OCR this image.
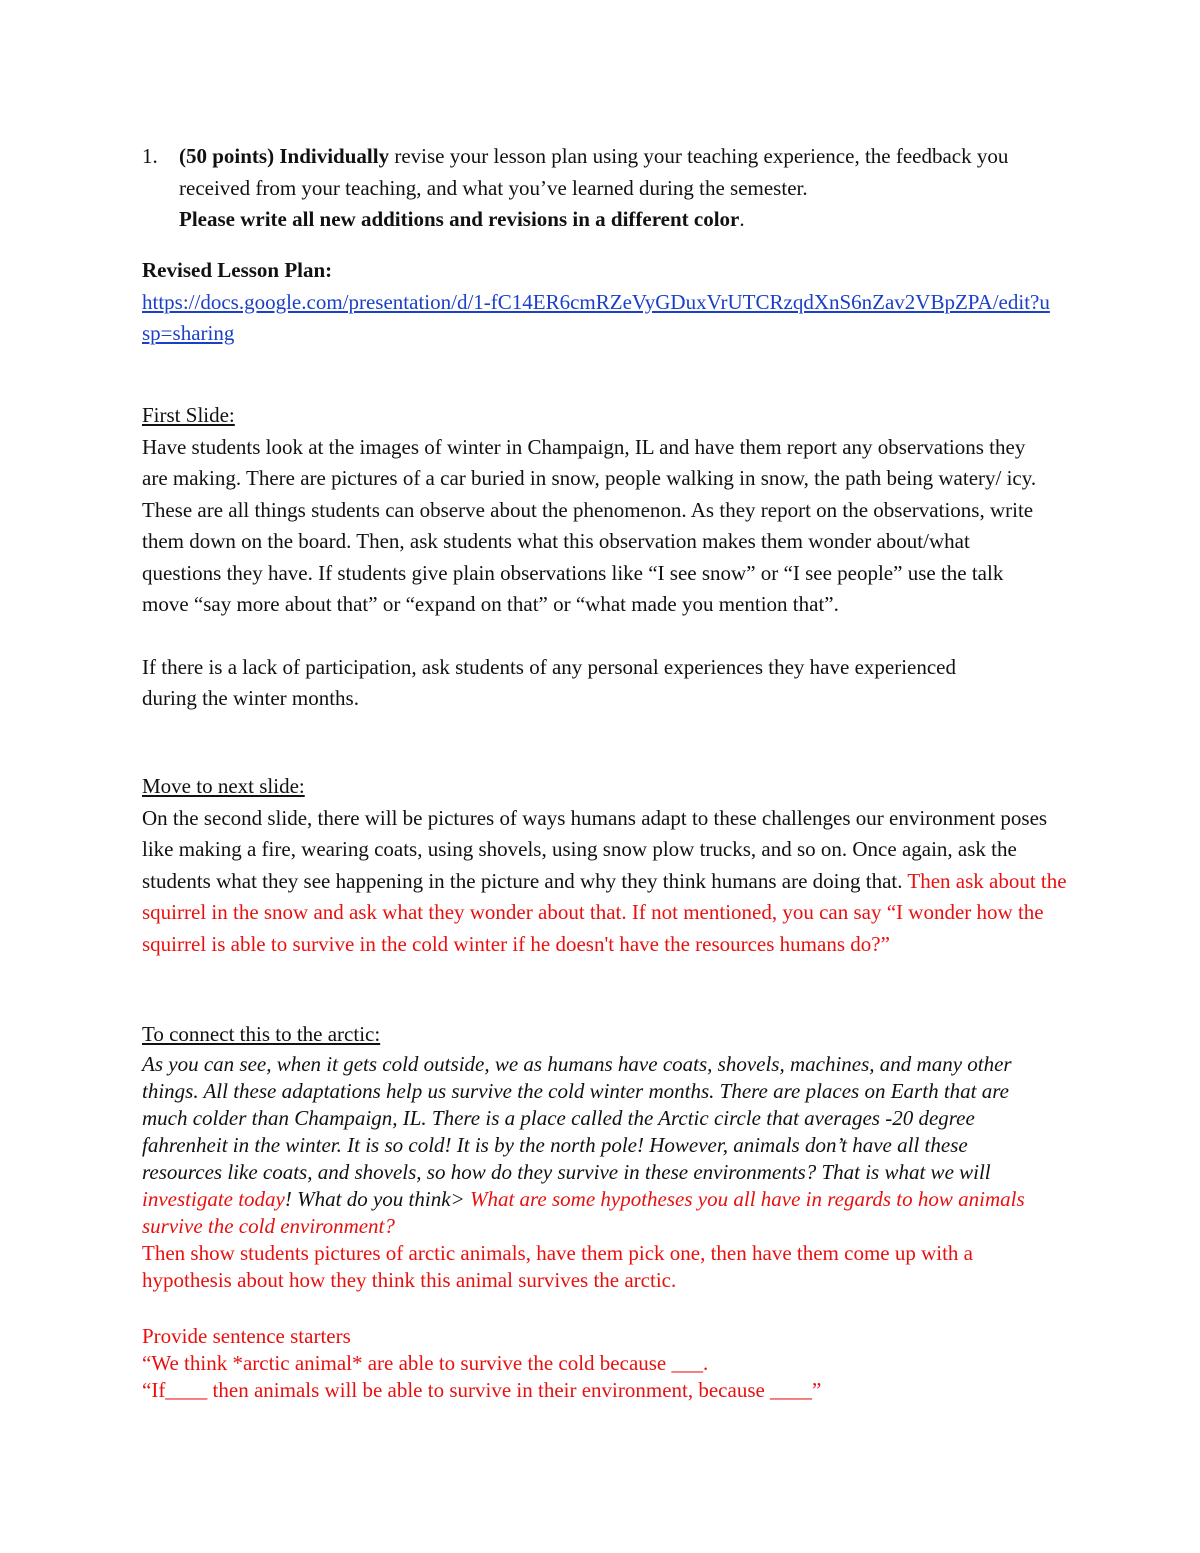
1. (50 points) Individually revise your lesson plan using your teaching experience, the feedback you received from your teaching, and what you’ve learned during the semester.
Please write all new additions and revisions in a different color.
Revised Lesson Plan:
https://docs.google.com/presentation/d/1-fC14ER6cmRZeVyGDuxVrUTCRzqdXnS6nZav2VBpZPA/edit?usp=sharing

First Slide:

Have students look at the images of winter in Champaign, IL and have them report any observations they are making. There are pictures of a car buried in snow, people walking in snow, the path being watery/ icy. These are all things students can observe about the phenomenon. As they report on the observations, write them down on the board. Then, ask students what this observation makes them wonder about/what questions they have. If students give plain observations like “I see snow” or “I see people” use the talk move “say more about that” or “expand on that” or “what made you mention that”.

If there is a lack of participation, ask students of any personal experiences they have experienced during the winter months.

Move to next slide:

On the second slide, there will be pictures of ways humans adapt to these challenges our environment poses like making a fire, wearing coats, using shovels, using snow plow trucks, and so on. Once again, ask the students what they see happening in the picture and why they think humans are doing that. Then ask about the squirrel in the snow and ask what they wonder about that. If not mentioned, you can say “I wonder how the squirrel is able to survive in the cold winter if he doesn't have the resources humans do?”

To connect this to the arctic:

As you can see, when it gets cold outside, we as humans have coats, shovels, machines, and many other things. All these adaptations help us survive the cold winter months. There are places on Earth that are much colder than Champaign, IL. There is a place called the Arctic circle that averages -20 degree fahrenheit in the winter. It is so cold! It is by the north pole! However, animals don’t have all these resources like coats, and shovels, so how do they survive in these environments? That is what we will investigate today! What do you think> What are some hypotheses you all have in regards to how animals survive the cold environment?

Then show students pictures of arctic animals, have them pick one, then have them come up with a hypothesis about how they think this animal survives the arctic.

Provide sentence starters

“We think *arctic animal* are able to survive the cold because ___.

“If____ then animals will be able to survive in their environment, because ____”
